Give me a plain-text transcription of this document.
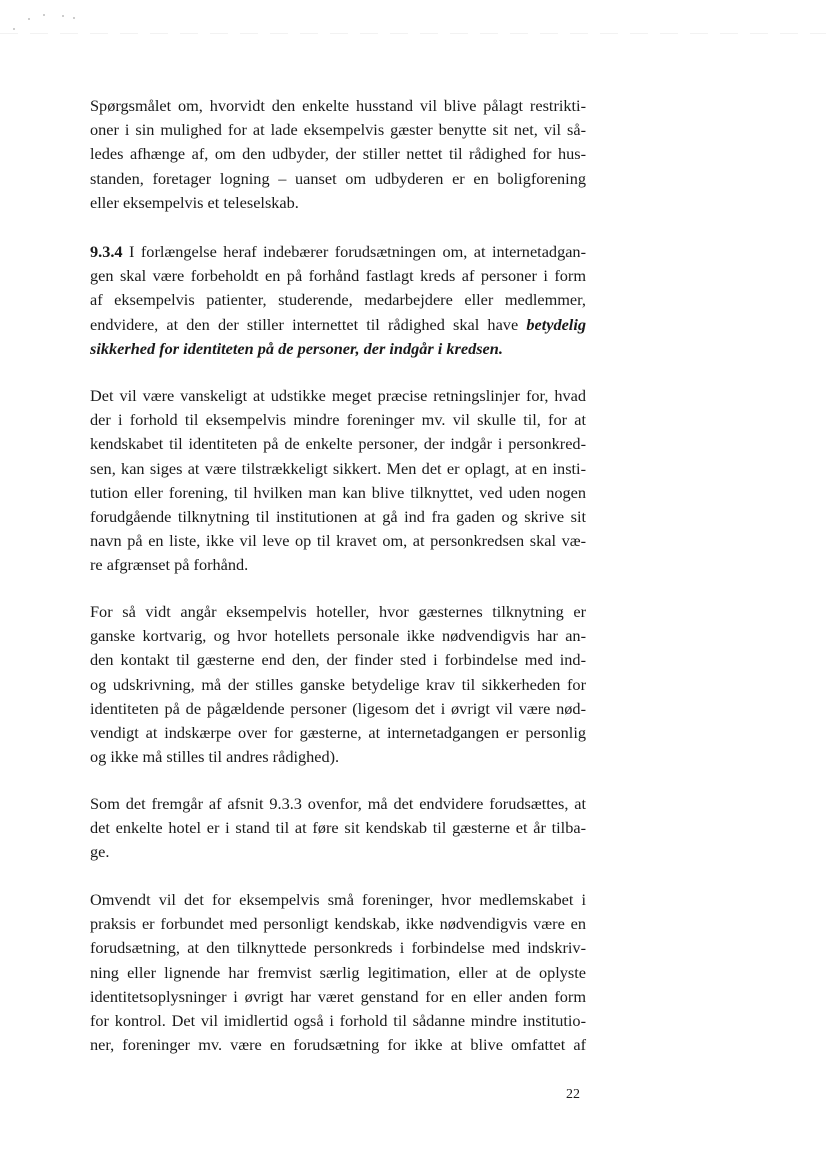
Spørgsmålet om, hvorvidt den enkelte husstand vil blive pålagt restrikti-
oner i sin mulighed for at lade eksempelvis gæster benytte sit net, vil så-
ledes afhænge af, om den udbyder, der stiller nettet til rådighed for hus-
standen, foretager logning – uanset om udbyderen er en boligforening
eller eksempelvis et teleselskab.

9.3.4 I forlængelse heraf indebærer forudsætningen om, at internetadgan-
gen skal være forbeholdt en på forhånd fastlagt kreds af personer i form
af eksempelvis patienter, studerende, medarbejdere eller medlemmer,
endvidere, at den der stiller internettet til rådighed skal have betydelig
sikkerhed for identiteten på de personer, der indgår i kredsen.

Det vil være vanskeligt at udstikke meget præcise retningslinjer for, hvad
der i forhold til eksempelvis mindre foreninger mv. vil skulle til, for at
kendskabet til identiteten på de enkelte personer, der indgår i personkred-
sen, kan siges at være tilstrækkeligt sikkert. Men det er oplagt, at en insti-
tution eller forening, til hvilken man kan blive tilknyttet, ved uden nogen
forudgående tilknytning til institutionen at gå ind fra gaden og skrive sit
navn på en liste, ikke vil leve op til kravet om, at personkredsen skal væ-
re afgrænset på forhånd.

For så vidt angår eksempelvis hoteller, hvor gæsternes tilknytning er
ganske kortvarig, og hvor hotellets personale ikke nødvendigvis har an-
den kontakt til gæsterne end den, der finder sted i forbindelse med ind-
og udskrivning, må der stilles ganske betydelige krav til sikkerheden for
identiteten på de pågældende personer (ligesom det i øvrigt vil være nød-
vendigt at indskærpe over for gæsterne, at internetadgangen er personlig
og ikke må stilles til andres rådighed).

Som det fremgår af afsnit 9.3.3 ovenfor, må det endvidere forudsættes, at
det enkelte hotel er i stand til at føre sit kendskab til gæsterne et år tilba-
ge.

Omvendt vil det for eksempelvis små foreninger, hvor medlemskabet i
praksis er forbundet med personligt kendskab, ikke nødvendigvis være en
forudsætning, at den tilknyttede personkreds i forbindelse med indskriv-
ning eller lignende har fremvist særlig legitimation, eller at de oplyste
identitetsoplysninger i øvrigt har været genstand for en eller anden form
for kontrol. Det vil imidlertid også i forhold til sådanne mindre institutio-
ner, foreninger mv. være en forudsætning for ikke at blive omfattet af

22
